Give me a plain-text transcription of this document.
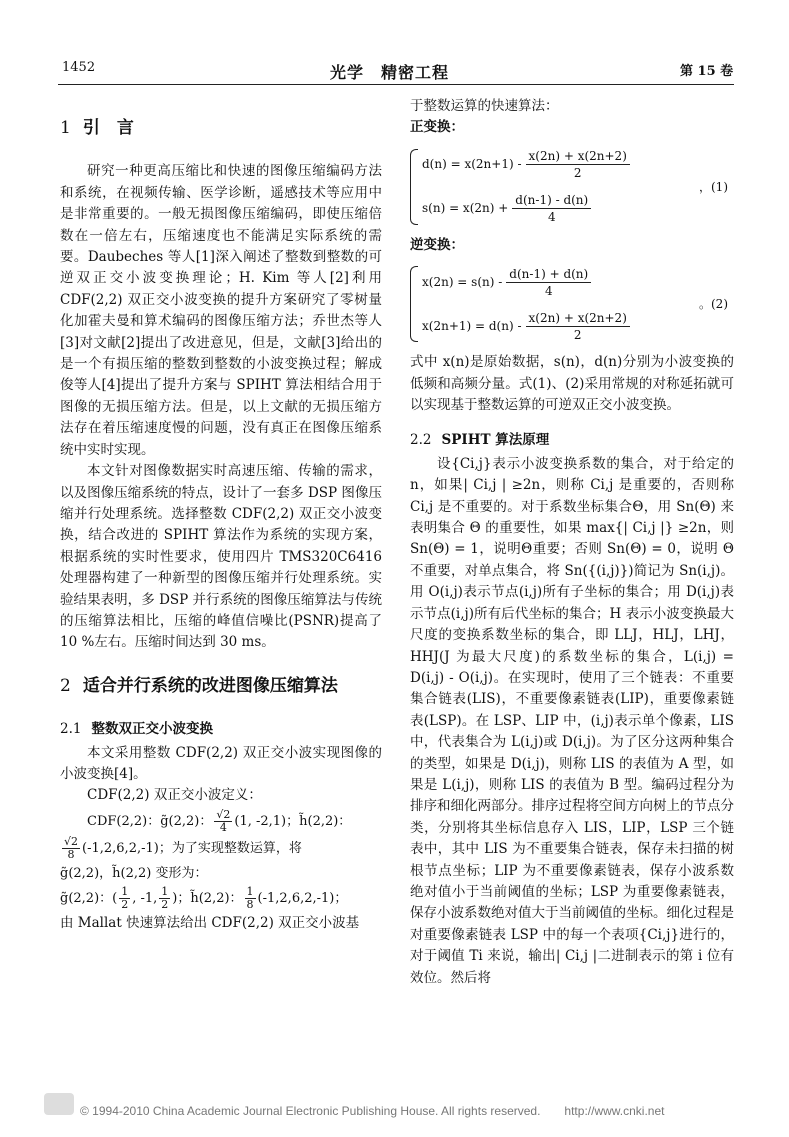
1452	光学　精密工程	第 15 卷
1 引　言

研究一种更高压缩比和快速的图像压缩编码方法和系统，在视频传输、医学诊断，遥感技术等应用中是非常重要的。一般无损图像压缩编码，即使压缩倍数在一倍左右，压缩速度也不能满足实际系统的需要。Daubeches 等人[1]深入阐述了整数到整数的可逆双正交小波变换理论；H. Kim 等人[2]利用 CDF(2,2) 双正交小波变换的提升方案研究了零树量化加霍夫曼和算术编码的图像压缩方法；乔世杰等人[3]对文献[2]提出了改进意见，但是，文献[3]给出的是一个有损压缩的整数到整数的小波变换过程；解成俊等人[4]提出了提升方案与 SPIHT 算法相结合用于图像的无损压缩方法。但是，以上文献的无损压缩方法存在着压缩速度慢的问题，没有真正在图像压缩系统中实时实现。

本文针对图像数据实时高速压缩、传输的需求，以及图像压缩系统的特点，设计了一套多 DSP 图像压缩并行处理系统。选择整数 CDF(2,2) 双正交小波变换，结合改进的 SPIHT 算法作为系统的实现方案，根据系统的实时性要求，使用四片 TMS320C6416 处理器构建了一种新型的图像压缩并行处理系统。实验结果表明，多 DSP 并行系统的图像压缩算法与传统的压缩算法相比，压缩的峰值信噪比(PSNR)提高了 10 %左右。压缩时间达到 30 ms。

2 适合并行系统的改进图像压缩算法
2.1 整数双正交小波变换

本文采用整数 CDF(2,2) 双正交小波实现图像的小波变换[4]。

CDF(2,2) 双正交小波定义：

CDF(2,2)：g̃(2,2)： $\frac{√2}{4} (1$, -2,1)；h̃(2,2)：
$\frac{√2}{8} (-1,2,6,2,-1)$；为了实现整数运算，将
g̃(2,2)，h̃(2,2) 变形为：
g̃(2,2)：( $\frac{1}{2}$ , -1, $\frac{1}{2}$ )；h̃(2,2)： $\frac{1}{8} (-1,2,6,2,-1)$；

由 Mallat 快速算法给出 CDF(2,2) 双正交小波基

于整数运算的快速算法：

正变换：

$d(n) = x(2n+1) - \frac{x(2n) + x(2n+2)}{2}$
$s(n) = x(2n) + \frac{d(n-1) - d(n)}{4}$
，(1)

逆变换：

$x(2n) = s(n) - \frac{d(n-1) + d(n)}{4}$
$x(2n+1) = d(n) - \frac{x(2n) + x(2n+2)}{2}$
。(2)

式中 x(n)是原始数据，s(n)，d(n)分别为小波变换的低频和高频分量。式(1)、(2)采用常规的对称延拓就可以实现基于整数运算的可逆双正交小波变换。

2.2 SPIHT 算法原理

设{Ci,j}表示小波变换系数的集合，对于给定的 n，如果| Ci,j | ≥2n，则称 Ci,j 是重要的，否则称 Ci,j 是不重要的。对于系数坐标集合Θ，用 Sn(Θ) 来表明集合 Θ 的重要性，如果 max{| Ci,j |} ≥2n，则 Sn(Θ) = 1，说明Θ重要；否则 Sn(Θ) = 0，说明 Θ 不重要，对单点集合，将 Sn({(i,j)})简记为 Sn(i,j)。用 O(i,j)表示节点(i,j)所有子坐标的集合；用 D(i,j)表示节点(i,j)所有后代坐标的集合；H 表示小波变换最大尺度的变换系数坐标的集合，即 LLJ，HLJ，LHJ，HHJ(J 为最大尺度)的系数坐标的集合，L(i,j) = D(i,j) - O(i,j)。在实现时，使用了三个链表：不重要集合链表(LIS)，不重要像素链表(LIP)，重要像素链表(LSP)。在 LSP、LIP 中，(i,j)表示单个像素，LIS 中，代表集合为 L(i,j)或 D(i,j)。为了区分这两种集合的类型，如果是 D(i,j)，则称 LIS 的表值为 A 型，如果是 L(i,j)，则称 LIS 的表值为 B 型。编码过程分为排序和细化两部分。排序过程将空间方向树上的节点分类，分别将其坐标信息存入 LIS，LIP，LSP 三个链表中，其中 LIS 为不重要集合链表，保存未扫描的树根节点坐标；LIP 为不重要像素链表，保存小波系数绝对值小于当前阈值的坐标；LSP 为重要像素链表，保存小波系数绝对值大于当前阈值的坐标。细化过程是对重要像素链表 LSP 中的每一个表项{Ci,j}进行的，对于阈值 Ti 来说，输出| Ci,j |二进制表示的第 i 位有效位。然后将

© 1994-2010 China Academic Journal Electronic Publishing House. All rights reserved.　　http://www.cnki.net
